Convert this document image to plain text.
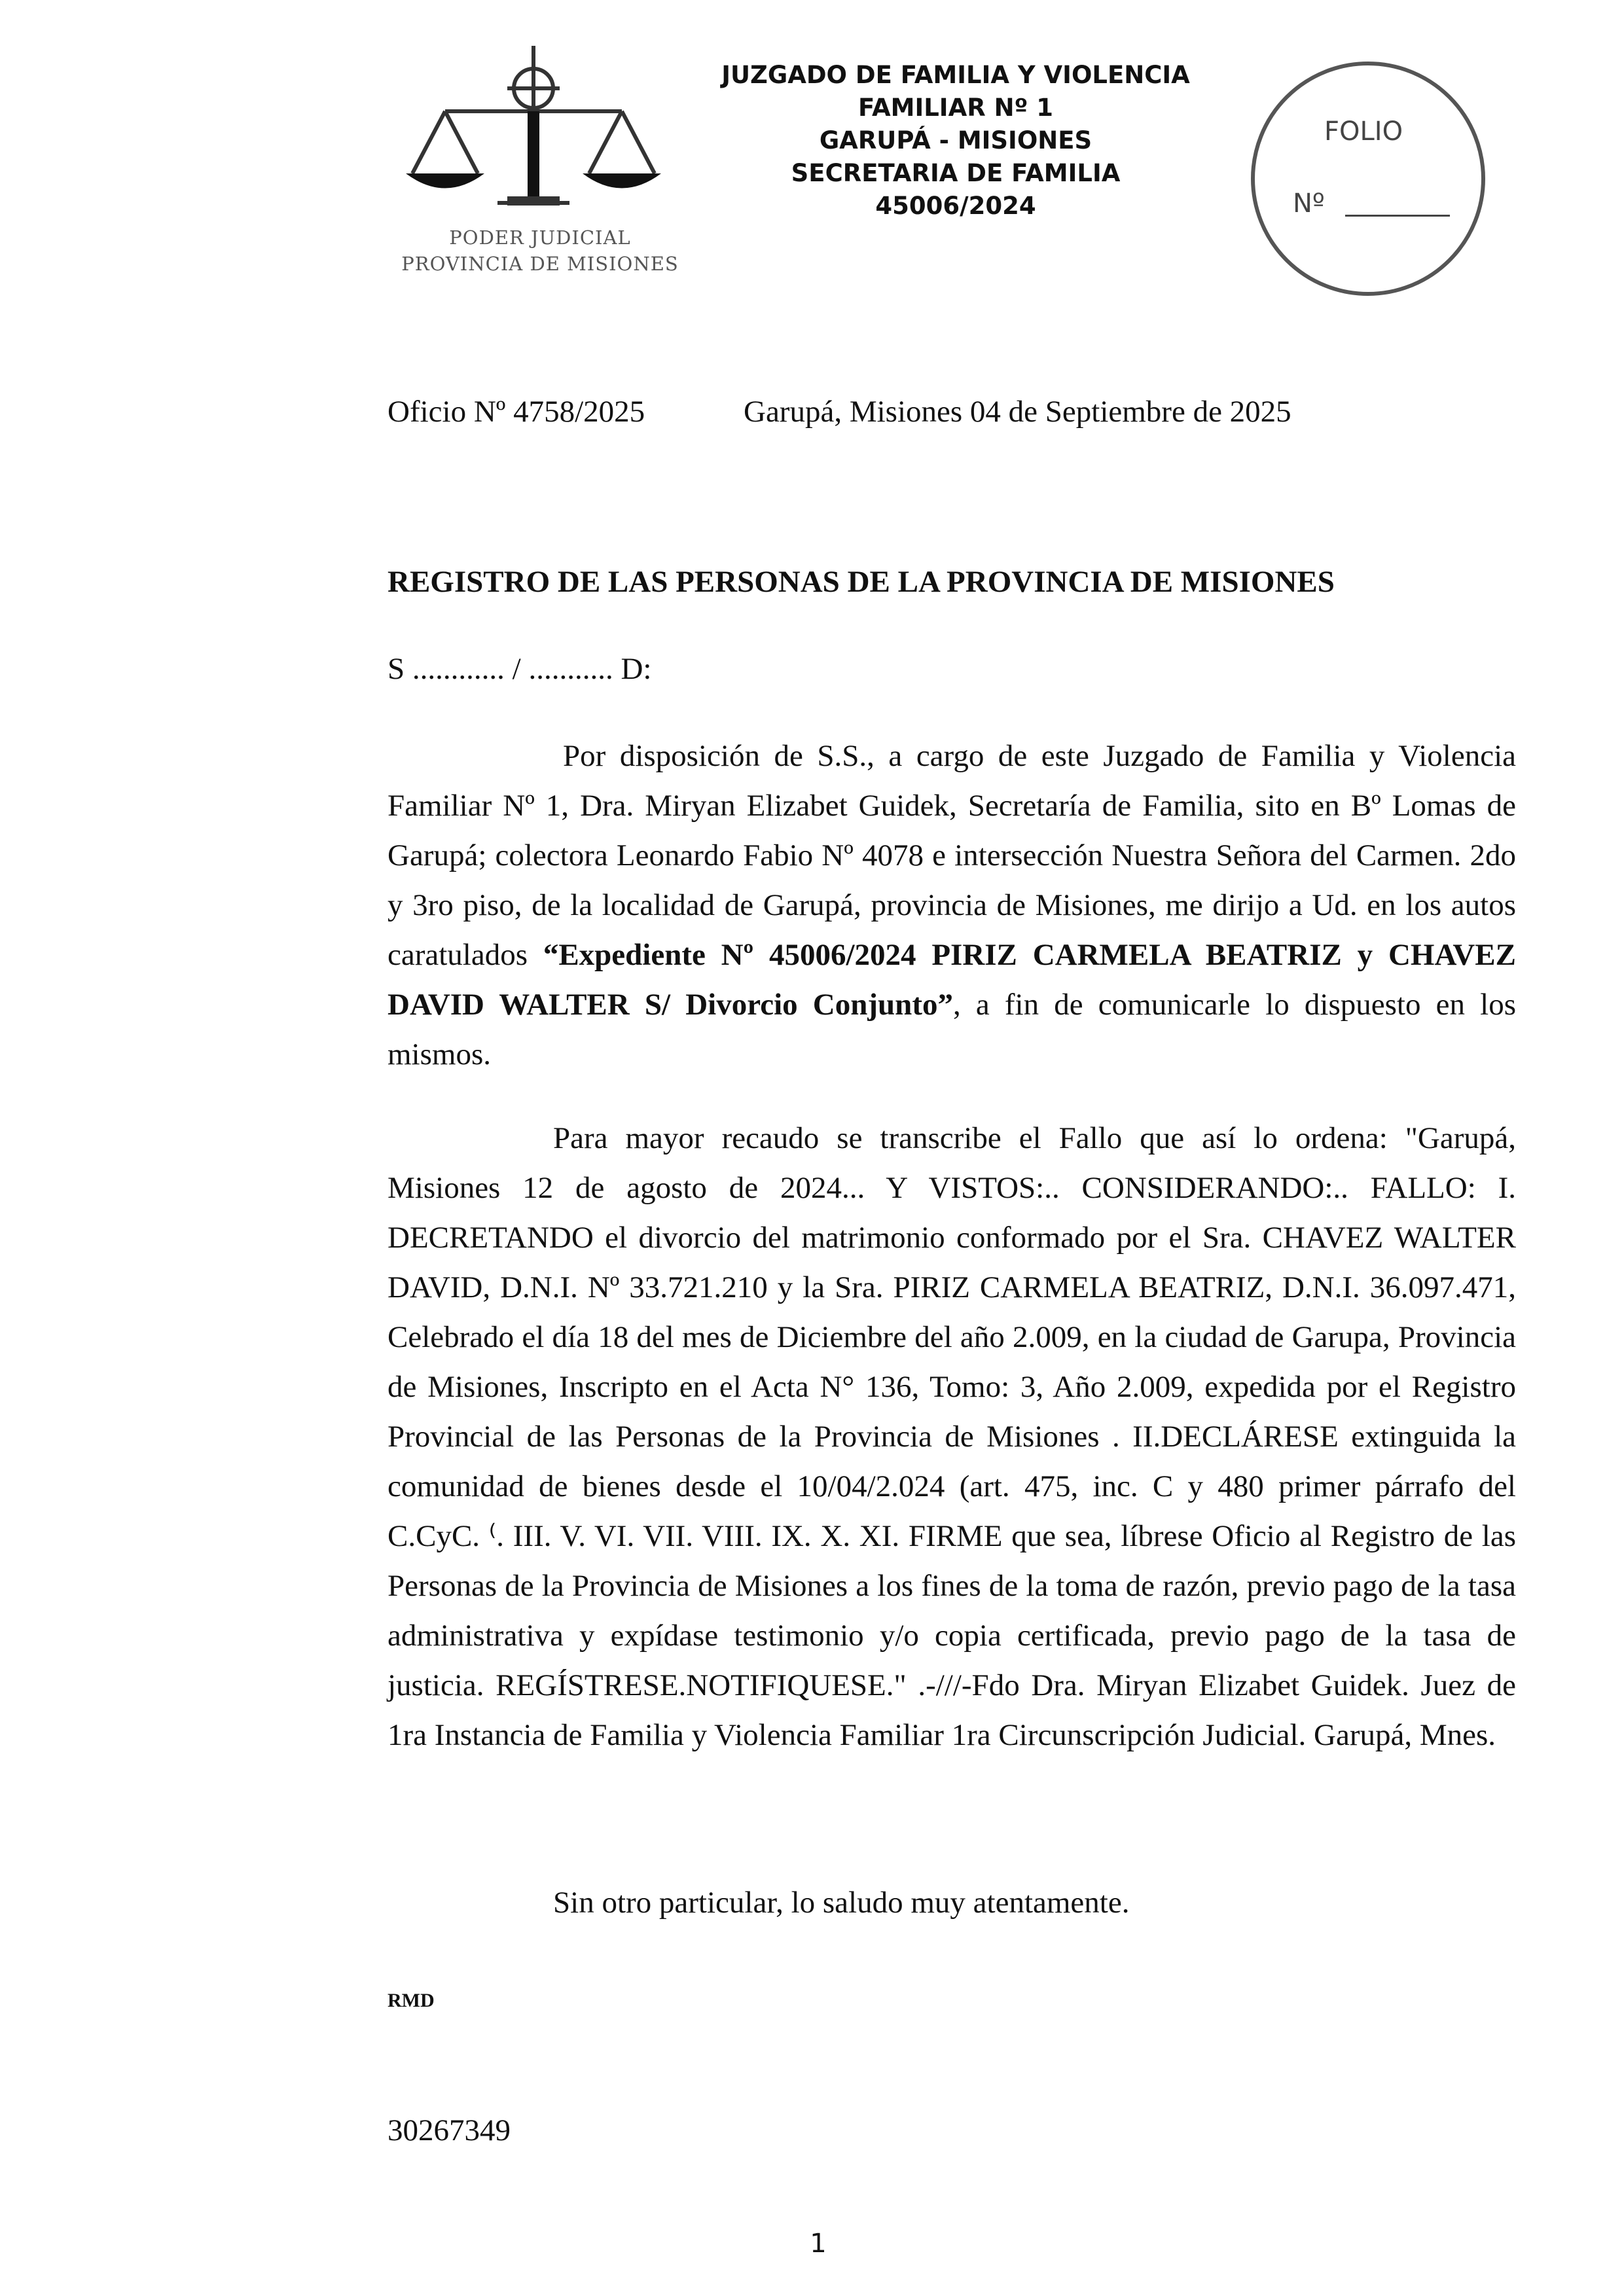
PODER JUDICIAL
PROVINCIA DE MISIONES
JUZGADO DE FAMILIA Y VIOLENCIA
FAMILIAR Nº 1
GARUPÁ - MISIONES
SECRETARIA DE FAMILIA
45006/2024
FOLIO
Nº
Oficio Nº 4758/2025	Garupá, Misiones 04 de Septiembre de 2025
REGISTRO DE LAS PERSONAS DE LA PROVINCIA DE MISIONES
S ............ / ........... D:
Por disposición de S.S., a cargo de este Juzgado de Familia y Violencia Familiar Nº 1, Dra. Miryan Elizabet Guidek, Secretaría de Familia, sito en Bº Lomas de Garupá; colectora Leonardo Fabio Nº 4078 e intersección Nuestra Señora del Carmen. 2do y 3ro piso, de la localidad de Garupá, provincia de Misiones, me dirijo a Ud. en los autos caratulados “Expediente Nº 45006/2024 PIRIZ CARMELA BEATRIZ y CHAVEZ DAVID WALTER S/ Divorcio Conjunto”, a fin de comunicarle lo dispuesto en los mismos.
Para mayor recaudo se transcribe el Fallo que así lo ordena: "Garupá, Misiones 12 de agosto de 2024... Y VISTOS:.. CONSIDERANDO:.. FALLO: I. DECRETANDO el divorcio del matrimonio conformado por el Sra. CHAVEZ WALTER DAVID, D.N.I. Nº 33.721.210 y la Sra. PIRIZ CARMELA BEATRIZ, D.N.I. 36.097.471, Celebrado el día 18 del mes de Diciembre del año 2.009, en la ciudad de Garupa, Provincia de Misiones, Inscripto en el Acta N° 136, Tomo: 3, Año 2.009, expedida por el Registro Provincial de las Personas de la Provincia de Misiones . II.DECLÁRESE extinguida la comunidad de bienes desde el 10/04/2.024 (art. 475, inc. C y 480 primer párrafo del C.CyC. ⁽. III. V. VI. VII. VIII. IX. X. XI. FIRME que sea, líbrese Oficio al Registro de las Personas de la Provincia de Misiones a los fines de la toma de razón, previo pago de la tasa administrativa y expídase testimonio y/o copia certificada, previo pago de la tasa de justicia. REGÍSTRESE.NOTIFIQUESE." .-///-Fdo Dra. Miryan Elizabet Guidek. Juez de 1ra Instancia de Familia y Violencia Familiar 1ra Circunscripción Judicial. Garupá, Mnes.
Sin otro particular, lo saludo muy atentamente.
RMD
30267349
1
